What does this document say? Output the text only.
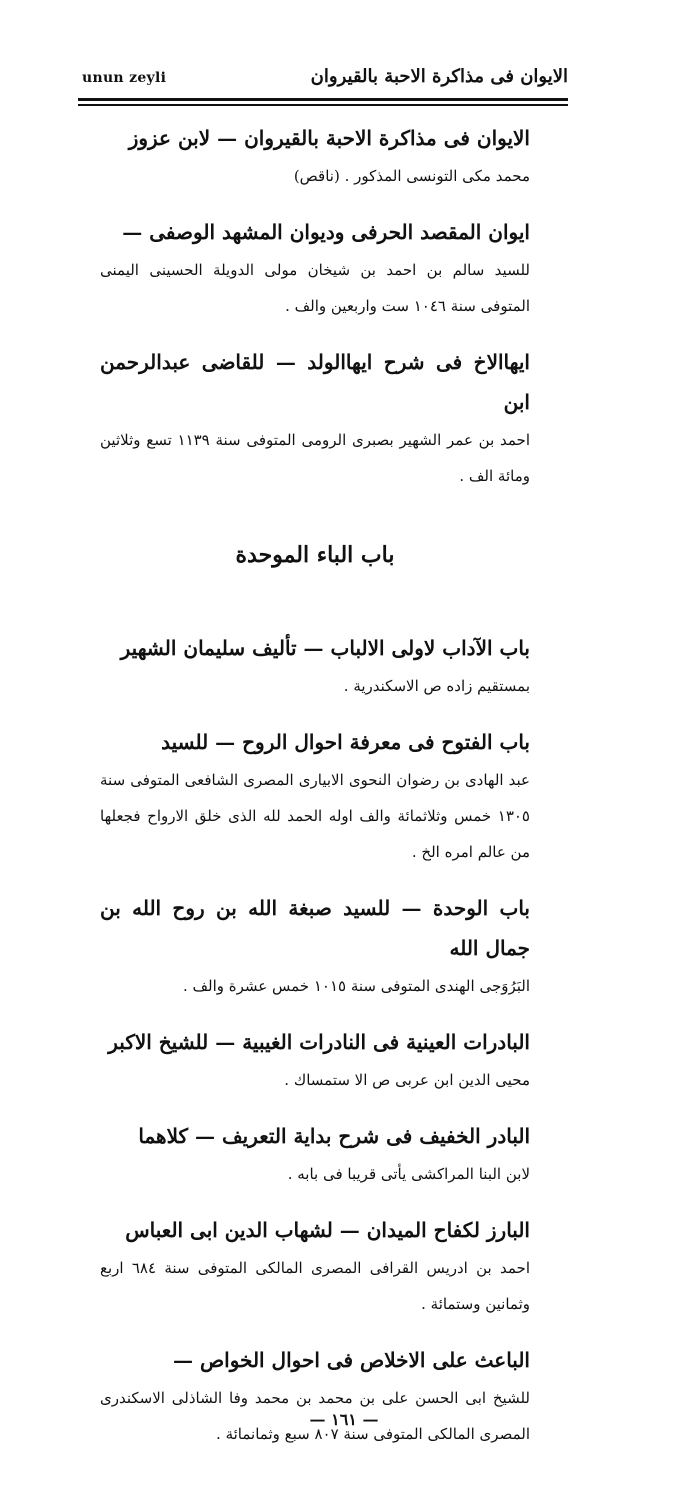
unun zeyli	الايوان فى مذاكرة الاحبة بالقيروان
الايوان فى مذاكرة الاحبة بالقيروان — لابن عزوز
محمد مكى التونسى المذكور . (ناقص)
ايوان المقصد الحرفى وديوان المشهد الوصفى —
للسيد سالم بن احمد بن شيخان مولى الدويلة الحسينى اليمنى المتوفى سنة ١٠٤٦ ست واربعين والف .
ايهاالاخ فى شرح ايهاالولد — للقاضى عبدالرحمن ابن
احمد بن عمر الشهير بصبرى الرومى المتوفى سنة ١١٣٩ تسع وثلاثين ومائة الف .
باب الباء الموحدة
باب الآداب لاولى الالباب — تأليف سليمان الشهير
بمستقيم زاده ص الاسكندرية .
باب الفتوح فى معرفة احوال الروح — للسيد
عبد الهادى بن رضوان النحوى الابيارى المصرى الشافعى المتوفى سنة ١٣٠٥ خمس وثلاثمائة والف اوله الحمد لله الذى خلق الارواح فجعلها من عالم امره الخ .
باب الوحدة — للسيد صبغة الله بن روح الله بن جمال الله
البَرُوَجى الهندى المتوفى سنة ١٠١٥ خمس عشرة والف .
البادرات العينية فى النادرات الغيبية — للشيخ الاكبر
محيى الدين ابن عربى ص الا ستمساك .
البادر الخفيف فى شرح بداية التعريف — كلاهما
لابن البنا المراكشى يأتى قريبا فى بابه .
البارز لكفاح الميدان — لشهاب الدين ابى العباس
احمد بن ادريس القرافى المصرى المالكى المتوفى سنة ٦٨٤ اربع وثمانين وستمائة .
الباعث على الاخلاص فى احوال الخواص —
للشيخ ابى الحسن على بن محمد بن محمد وفا الشاذلى الاسكندرى المصرى المالكى المتوفى سنة ٨٠٧ سبع وثمانمائة .
— ١٦١ —
